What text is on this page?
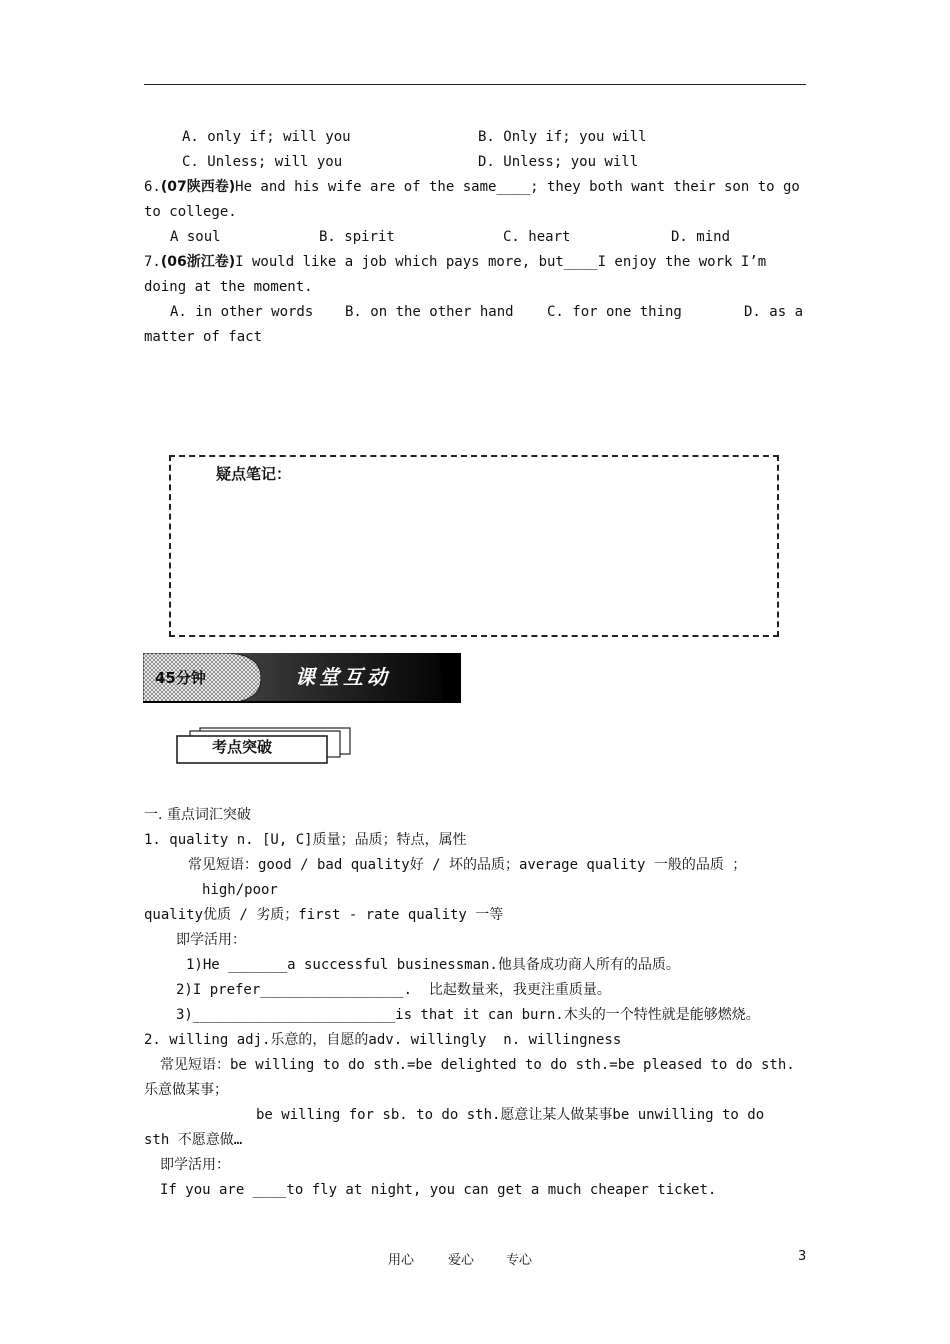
A. only if; will you	B. Only if; you will
C. Unless; will you	D. Unless; you will
6.(07陕西卷)He and his wife are of the same____; they both want their son to go
to college.
A soul	B. spirit	C. heart	D. mind
7.(06浙江卷)I would like a job which pays more, but____I enjoy the work I’m
doing at the moment.
A. in other words B. on the other hand C. for one thing	D. as a
matter of fact
疑点笔记：
45分钟	课堂互动
考点突破
一. 重点词汇突破
1. quality n. [U, C]质量；品质；特点，属性
常见短语：good / bad quality好 / 坏的品质；average quality 一般的品质 ；
high/poor
quality优质 / 劣质；first - rate quality 一等
即学活用：
1)He _______a successful businessman.他具备成功商人所有的品质。
2)I prefer_________________.  比起数量来，我更注重质量。
3)________________________is that it can burn.木头的一个特性就是能够燃烧。
2. willing adj.乐意的，自愿的adv. willingly  n. willingness
常见短语：be willing to do sth.=be delighted to do sth.=be pleased to do sth.
乐意做某事；
be willing for sb. to do sth.愿意让某人做某事be unwilling to do
sth 不愿意做…
即学活用：
If you are ____to fly at night, you can get a much cheaper ticket.
用心	爱心 专心	3
